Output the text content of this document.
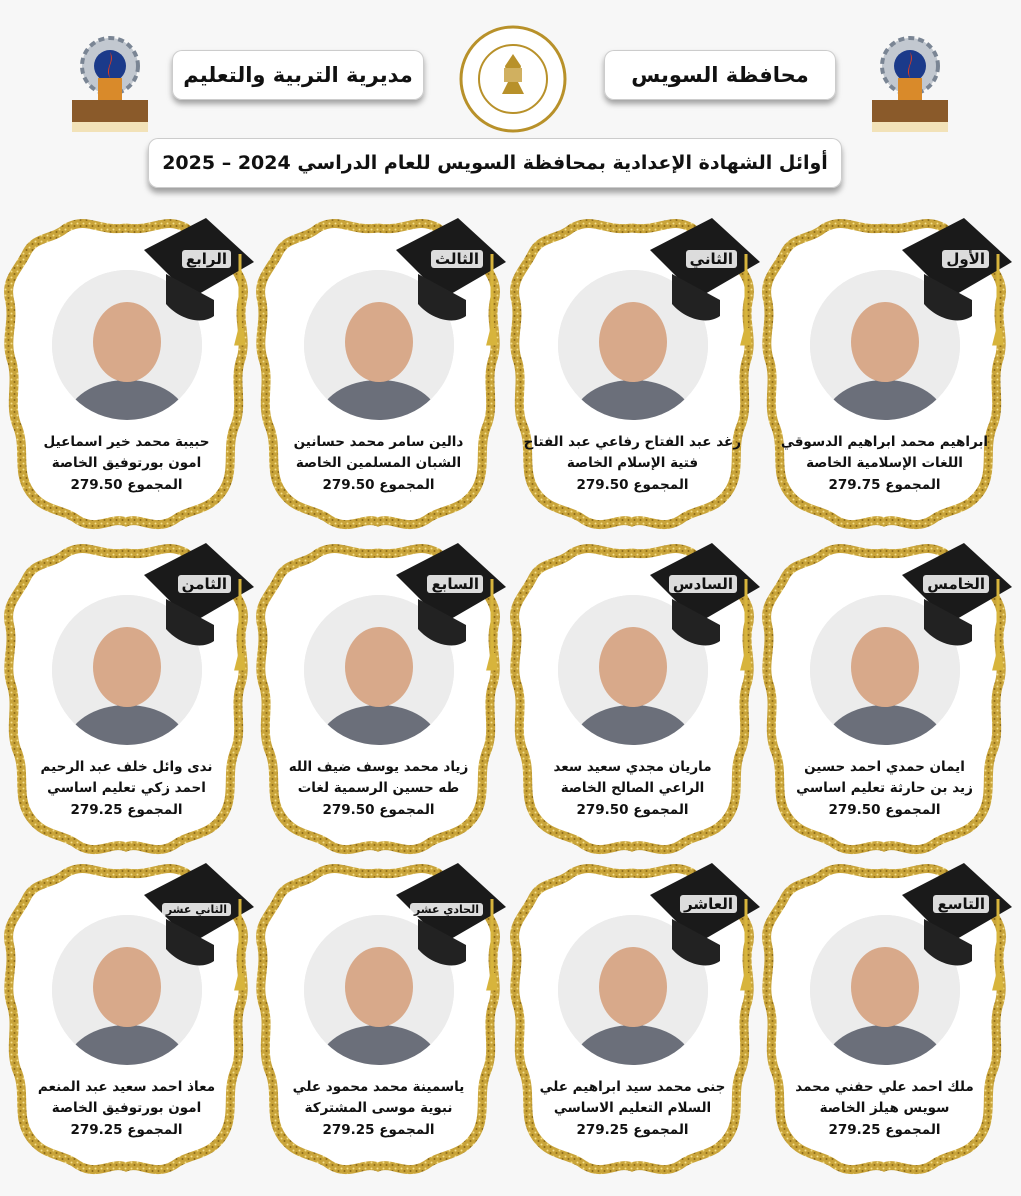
مديرية التربية والتعليم	محافظة السويس
أوائل الشهادة الإعدادية بمحافظة السويس للعام الدراسي 2024 – 2025
الأول
ابراهيم محمد ابراهيم الدسوقي
اللغات الإسلامية الخاصة
المجموع 279.75
الثاني
رغد عبد الفتاح رفاعي عبد الفتاح
فتية الإسلام الخاصة
المجموع 279.50
الثالث
دالين سامر محمد حسانين
الشبان المسلمين الخاصة
المجموع 279.50
الرابع
حبيبة محمد خير اسماعيل
امون بورتوفيق الخاصة
المجموع 279.50
الخامس
ايمان حمدي احمد حسين
زيد بن حارثة تعليم اساسي
المجموع 279.50
السادس
ماريان مجدي سعيد سعد
الراعي الصالح الخاصة
المجموع 279.50
السابع
زياد محمد يوسف ضيف الله
طه حسين الرسمية لغات
المجموع 279.50
الثامن
ندى وائل خلف عبد الرحيم
احمد زكي تعليم اساسي
المجموع 279.25
التاسع
ملك احمد علي حفني محمد
سويس هيلز الخاصة
المجموع 279.25
العاشر
جنى محمد سيد ابراهيم علي
السلام التعليم الاساسي
المجموع 279.25
الحادي عشر
ياسمينة محمد محمود علي
نبوية موسى المشتركة
المجموع 279.25
الثاني عشر
معاذ احمد سعيد عبد المنعم
امون بورتوفيق الخاصة
المجموع 279.25
